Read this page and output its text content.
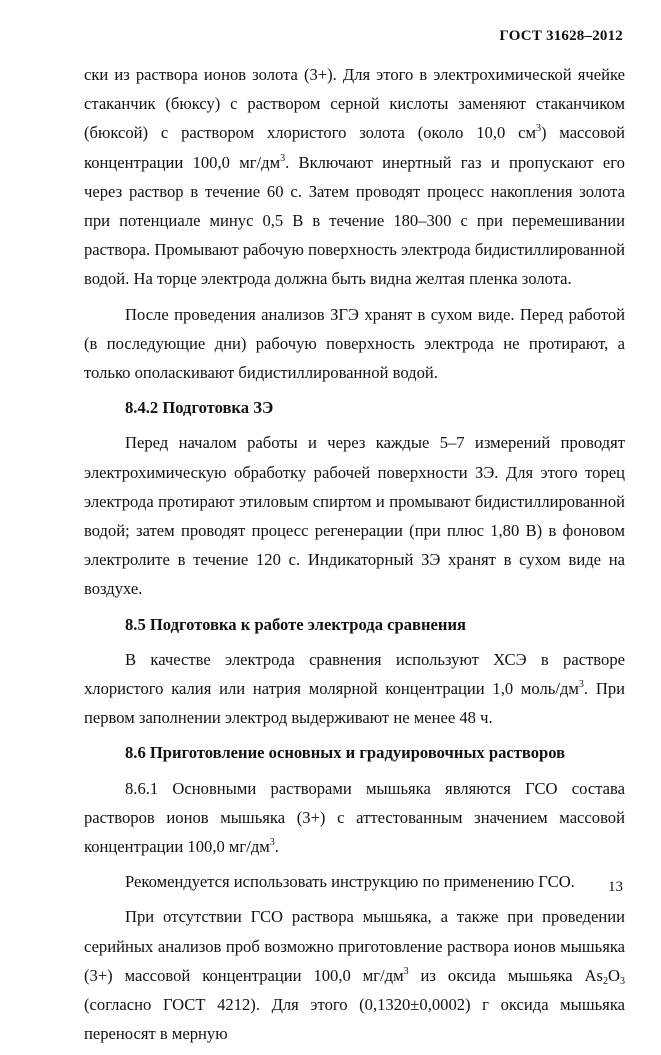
ГОСТ 31628–2012

ски из раствора ионов золота (3+). Для этого в электрохимической ячейке стаканчик (бюксу) с раствором серной кислоты заменяют стаканчиком (бюксой) с раствором хлористого золота (около 10,0 $см^3$) массовой концентрации 100,0 $мг/дм^3$. Включают инертный газ и пропускают его через раствор в течение 60 с. Затем проводят процесс накопления золота при потенциале минус 0,5 В в течение 180–300 с при перемешивании раствора. Промывают рабочую поверхность электрода бидистиллированной водой. На торце электрода должна быть видна желтая пленка золота.

После проведения анализов ЗГЭ хранят в сухом виде. Перед работой (в последующие дни) рабочую поверхность электрода не протирают, а только ополаскивают бидистиллированной водой.

8.4.2 Подготовка ЗЭ

Перед началом работы и через каждые 5–7 измерений проводят электрохимическую обработку рабочей поверхности ЗЭ. Для этого торец электрода протирают этиловым спиртом и промывают бидистиллированной водой; затем проводят процесс регенерации (при плюс 1,80 В) в фоновом электролите в течение 120 с. Индикаторный ЗЭ хранят в сухом виде на воздухе.

8.5 Подготовка к работе электрода сравнения

В качестве электрода сравнения используют ХСЭ в растворе хлористого калия или натрия молярной концентрации 1,0 моль/$дм^3$. При первом заполнении электрод выдерживают не менее 48 ч.

8.6 Приготовление основных и градуировочных растворов

8.6.1 Основными растворами мышьяка являются ГСО состава растворов ионов мышьяка (3+) с аттестованным значением массовой концентрации 100,0 $мг/дм^3$.

Рекомендуется использовать инструкцию по применению ГСО.

При отсутствии ГСО раствора мышьяка, а также при проведении серийных анализов проб возможно приготовление раствора ионов мышьяка (3+) массовой концентрации 100,0 $мг/дм^3$ из оксида мышьяка $As_2O_3$ (согласно ГОСТ 4212). Для этого (0,1320±0,0002) г оксида мышьяка переносят в мерную

13
